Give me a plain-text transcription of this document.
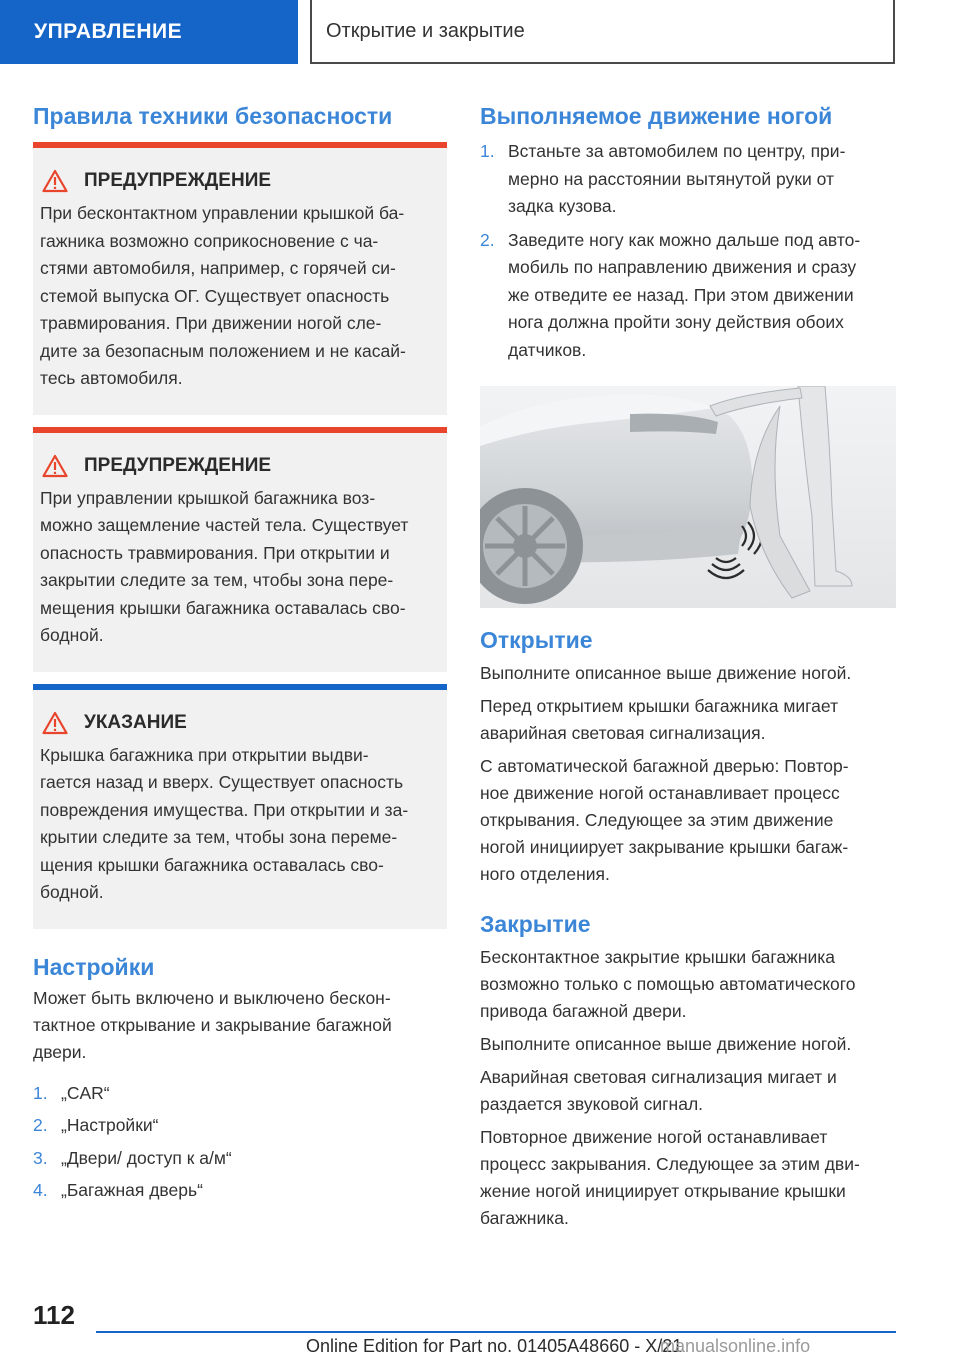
УПРАВЛЕНИЕ	Открытие и закрытие
Правила техники безопасности
ПРЕДУПРЕЖДЕНИЕ

При бесконтактном управлении крышкой ба-
гажника возможно соприкосновение с ча-
стями автомобиля, например, с горячей си-
стемой выпуска ОГ. Существует опасность
травмирования. При движении ногой сле-
дите за безопасным положением и не касай-
тесь автомобиля.

ПРЕДУПРЕЖДЕНИЕ

При управлении крышкой багажника воз-
можно защемление частей тела. Существует
опасность травмирования. При открытии и
закрытии следите за тем, чтобы зона пере-
мещения крышки багажника оставалась сво-
бодной.

УКАЗАНИЕ

Крышка багажника при открытии выдви-
гается назад и вверх. Существует опасность
повреждения имущества. При открытии и за-
крытии следите за тем, чтобы зона переме-
щения крышки багажника оставалась сво-
бодной.

Настройки

Может быть включено и выключено бескон-
тактное открывание и закрывание багажной
двери.

1. „CAR“
2. „Настройки“
3. „Двери/ доступ к а/м“
4. „Багажная дверь“
Выполняемое движение ногой
1. Встаньте за автомобилем по центру, при-
мерно на расстоянии вытянутой руки от
задка кузова.
2. Заведите ногу как можно дальше под авто-
мобиль по направлению движения и сразу
же отведите ее назад. При этом движении
нога должна пройти зону действия обоих
датчиков.
Открытие

Выполните описанное выше движение ногой.

Перед открытием крышки багажника мигает
аварийная световая сигнализация.

С автоматической багажной дверью: Повтор-
ное движение ногой останавливает процесс
открывания. Следующее за этим движение
ногой инициирует закрывание крышки багаж-
ного отделения.

Закрытие

Бесконтактное закрытие крышки багажника
возможно только с помощью автоматического
привода багажной двери.

Выполните описанное выше движение ногой.

Аварийная световая сигнализация мигает и
раздается звуковой сигнал.

Повторное движение ногой останавливает
процесс закрывания. Следующее за этим дви-
жение ногой инициирует открывание крышки
багажника.

112
Online Edition for Part no. 01405A48660 - X/21
manualsonline.info
